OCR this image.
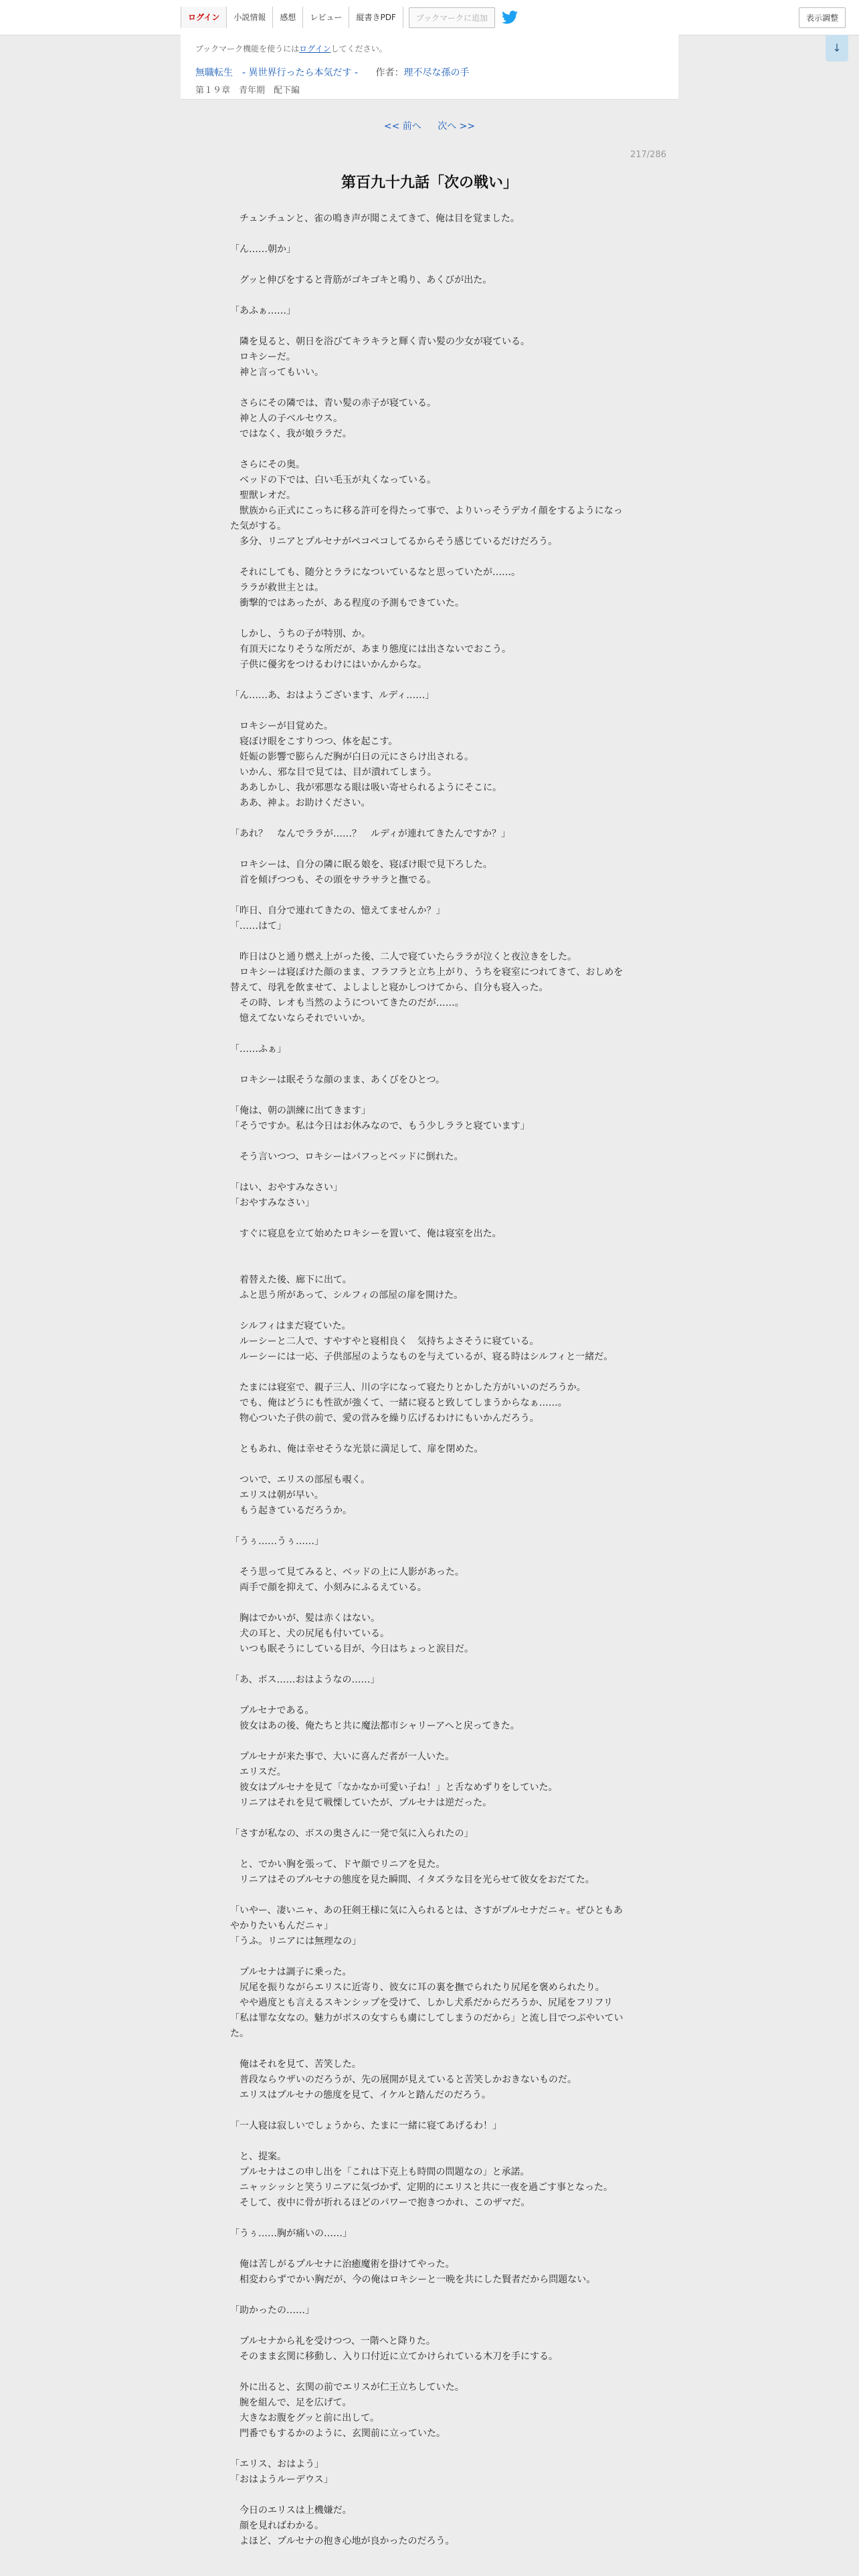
ログイン	小説情報	感想	レビュー	縦書きPDF	ブックマークに追加	表示調整
ブックマーク機能を使うにはログインしてください。
無職転生　- 異世界行ったら本気だす - 作者：理不尽な孫の手
第１９章　青年期　配下編
↓
<< 前へ 次へ >>
217/286
第百九十九話「次の戦い」

　チュンチュンと、雀の鳴き声が聞こえてきて、俺は目を覚ました。

「ん……朝か」

　グッと伸びをすると背筋がゴキゴキと鳴り、あくびが出た。

「あふぁ……」

　隣を見ると、朝日を浴びてキラキラと輝く青い髪の少女が寝ている。

　ロキシーだ。

　神と言ってもいい。

　さらにその隣では、青い髪の赤子が寝ている。

　神と人の子ベルセウス。

　ではなく、我が娘ララだ。

　さらにその奥。

　ベッドの下では、白い毛玉が丸くなっている。

　聖獣レオだ。

　獣族から正式にこっちに移る許可を得たって事で、よりいっそうデカイ顔をするようになった気がする。

　多分、リニアとプルセナがペコペコしてるからそう感じているだけだろう。

　それにしても、随分とララになついているなと思っていたが……。

　ララが救世主とは。

　衝撃的ではあったが、ある程度の予測もできていた。

　しかし、うちの子が特別、か。

　有頂天になりそうな所だが、あまり態度には出さないでおこう。

　子供に優劣をつけるわけにはいかんからな。

「ん……あ、おはようございます、ルディ……」

　ロキシーが目覚めた。

　寝ぼけ眼をこすりつつ、体を起こす。

　妊娠の影響で膨らんだ胸が白日の元にさらけ出される。

　いかん、邪な目で見ては、目が潰れてしまう。

　ああしかし、我が邪悪なる眼は吸い寄せられるようにそこに。

　ああ、神よ。お助けください。

「あれ？　なんでララが……？　ルディが連れてきたんですか？」

　ロキシーは、自分の隣に眠る娘を、寝ぼけ眼で見下ろした。

　首を傾げつつも、その頭をサラサラと撫でる。

「昨日、自分で連れてきたの、憶えてませんか？」

「……はて」

　昨日はひと通り燃え上がった後、二人で寝ていたらララが泣くと夜泣きをした。

　ロキシーは寝ぼけた顔のまま、フラフラと立ち上がり、うちを寝室につれてきて、おしめを替えて、母乳を飲ませて、よしよしと寝かしつけてから、自分も寝入った。

　その時、レオも当然のようについてきたのだが……。

　憶えてないならそれでいいか。

「……ふぁ」

　ロキシーは眠そうな顔のまま、あくびをひとつ。

「俺は、朝の訓練に出てきます」

「そうですか。私は今日はお休みなので、もう少しララと寝ています」

　そう言いつつ、ロキシーはパフっとベッドに倒れた。

「はい、おやすみなさい」

「おやすみなさい」

　すぐに寝息を立て始めたロキシーを置いて、俺は寝室を出た。

　着替えた後、廊下に出て。

　ふと思う所があって、シルフィの部屋の扉を開けた。

　シルフィはまだ寝ていた。

　ルーシーと二人で、すやすやと寝相良く　気持ちよさそうに寝ている。

　ルーシーには一応、子供部屋のようなものを与えているが、寝る時はシルフィと一緒だ。

　たまには寝室で、親子三人、川の字になって寝たりとかした方がいいのだろうか。

　でも、俺はどうにも性欲が強くて、一緒に寝ると致してしまうからなぁ……。

　物心ついた子供の前で、愛の営みを繰り広げるわけにもいかんだろう。

　ともあれ、俺は幸せそうな光景に満足して、扉を閉めた。

　ついで、エリスの部屋も覗く。

　エリスは朝が早い。

　もう起きているだろうか。

「うぅ……うぅ……」

　そう思って見てみると、ベッドの上に人影があった。

　両手で顔を抑えて、小刻みにふるえている。

　胸はでかいが、髪は赤くはない。

　犬の耳と、犬の尻尾も付いている。

　いつも眠そうにしている目が、今日はちょっと涙目だ。

「あ、ボス……おはようなの……」

　プルセナである。

　彼女はあの後、俺たちと共に魔法都市シャリーアへと戻ってきた。

　プルセナが来た事で、大いに喜んだ者が一人いた。

　エリスだ。

　彼女はプルセナを見て「なかなか可愛い子ね！」と舌なめずりをしていた。

　リニアはそれを見て戦慄していたが、プルセナは逆だった。

「さすが私なの、ボスの奥さんに一発で気に入られたの」

　と、でかい胸を張って、ドヤ顔でリニアを見た。

　リニアはそのプルセナの態度を見た瞬間、イタズラな目を光らせて彼女をおだてた。

「いやー、凄いニャ、あの狂剣王様に気に入られるとは、さすがプルセナだニャ。ぜひともあやかりたいもんだニャ」

「うふ。リニアには無理なの」

　プルセナは調子に乗った。

　尻尾を振りながらエリスに近寄り、彼女に耳の裏を撫でられたり尻尾を褒められたり。

　やや過度とも言えるスキンシップを受けて、しかし犬系だからだろうか、尻尾をフリフリ「私は罪な女なの。魅力がボスの女すらも虜にしてしまうのだから」と流し目でつぶやいていた。

　俺はそれを見て、苦笑した。

　普段ならウザいのだろうが、先の展開が見えていると苦笑しかおきないものだ。

　エリスはプルセナの態度を見て、イケルと踏んだのだろう。

「一人寝は寂しいでしょうから、たまに一緒に寝てあげるわ！」

　と、提案。

　プルセナはこの申し出を「これは下克上も時間の問題なの」と承諾。

　ニャッシッシと笑うリニアに気づかず、定期的にエリスと共に一夜を過ごす事となった。

　そして、夜中に骨が折れるほどのパワーで抱きつかれ、このザマだ。

「うぅ……胸が痛いの……」

　俺は苦しがるプルセナに治癒魔術を掛けてやった。

　相変わらずでかい胸だが、今の俺はロキシーと一晩を共にした賢者だから問題ない。

「助かったの……」

　プルセナから礼を受けつつ、一階へと降りた。

　そのまま玄関に移動し、入り口付近に立てかけられている木刀を手にする。

　外に出ると、玄関の前でエリスが仁王立ちしていた。

　腕を組んで、足を広げて。

　大きなお腹をグッと前に出して。

　門番でもするかのように、玄関前に立っていた。

「エリス、おはよう」

「おはようルーデウス」

　今日のエリスは上機嫌だ。

　顔を見ればわかる。

　よほど、プルセナの抱き心地が良かったのだろう。
